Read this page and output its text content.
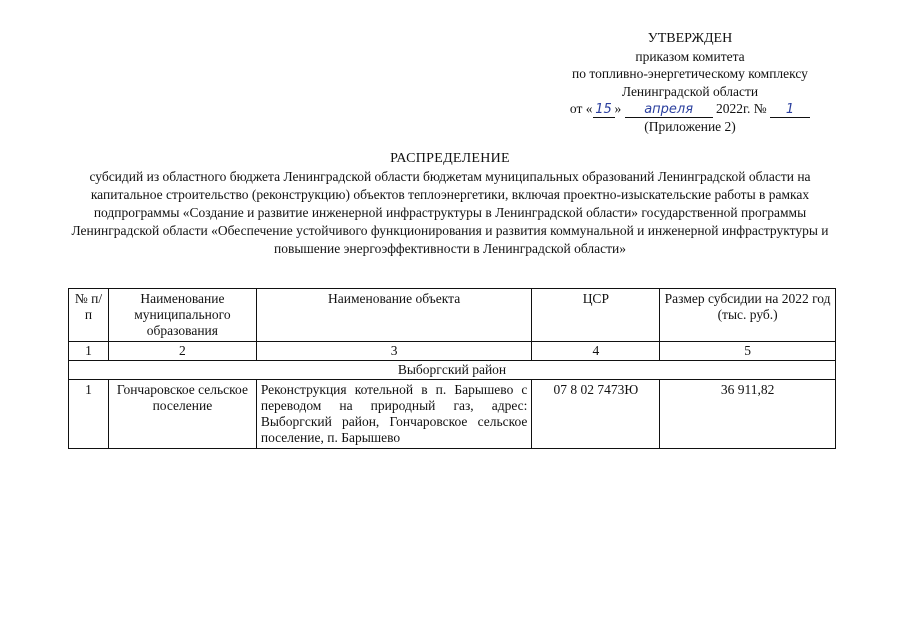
УТВЕРЖДЕН
приказом комитета
по топливно-энергетическому комплексу
Ленинградской области
от « 15 » апреля 2022г. № 1
(Приложение 2)
РАСПРЕДЕЛЕНИЕ
субсидий из областного бюджета Ленинградской области бюджетам муниципальных образований Ленинградской области на капитальное строительство (реконструкцию) объектов теплоэнергетики, включая проектно-изыскательские работы в рамках подпрограммы «Создание и развитие инженерной инфраструктуры в Ленинградской области» государственной программы Ленинградской области «Обеспечение устойчивого функционирования и развития коммунальной и инженерной инфраструктуры и повышение энергоэффективности в Ленинградской области»
№ п/п	Наименование муниципального образования	Наименование объекта	ЦСР	Размер субсидии на 2022 год (тыс. руб.)
1	2	3	4	5
Выборгский район				
1	Гончаровское сельское поселение	Реконструкция котельной в п. Барышево с переводом на природный газ, адрес: Выборгский район, Гончаровское сельское поселение, п. Барышево	07 8 02 7473Ю	36 911,82
